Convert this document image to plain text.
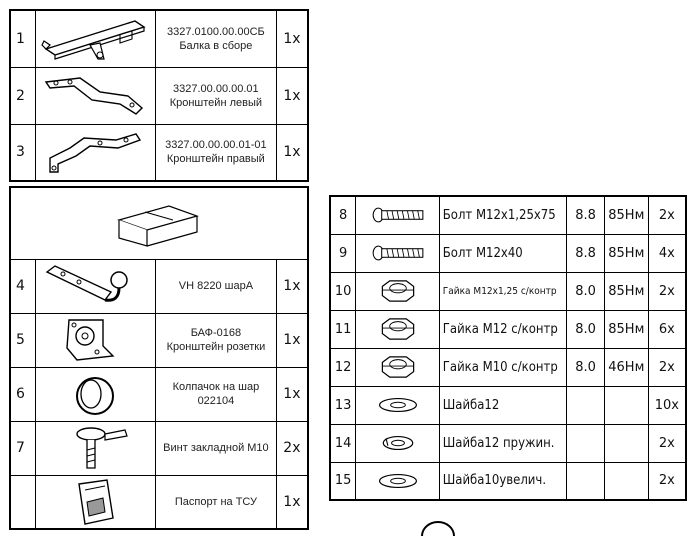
1		3327.0100.00.00СБ
Балка в сборе	1x
2		3327.00.00.00.01
Кронштейн левый	1x
3		3327.00.00.00.01-01
Кронштейн правый	1x

4		VH 8220 шарА	1x
5		БАФ-0168
Кронштейн розетки	1x
6		Колпачок на шар
022104	1x
7		Винт закладной М10	2x

Паспорт на ТСУ	1x
8		Болт М12х1,25х75	8.8	85Нм	2x
9		Болт М12х40	8.8	85Нм	4x
10		Гайка М12х1,25 с/контр	8.0	85Нм	2x
11		Гайка М12 с/контр	8.0	85Нм	6x
12		Гайка М10 с/контр	8.0	46Нм	2x
13		Шайба12			10x
14		Шайба12 пружин.			2x
15		Шайба10увелич.			2x
